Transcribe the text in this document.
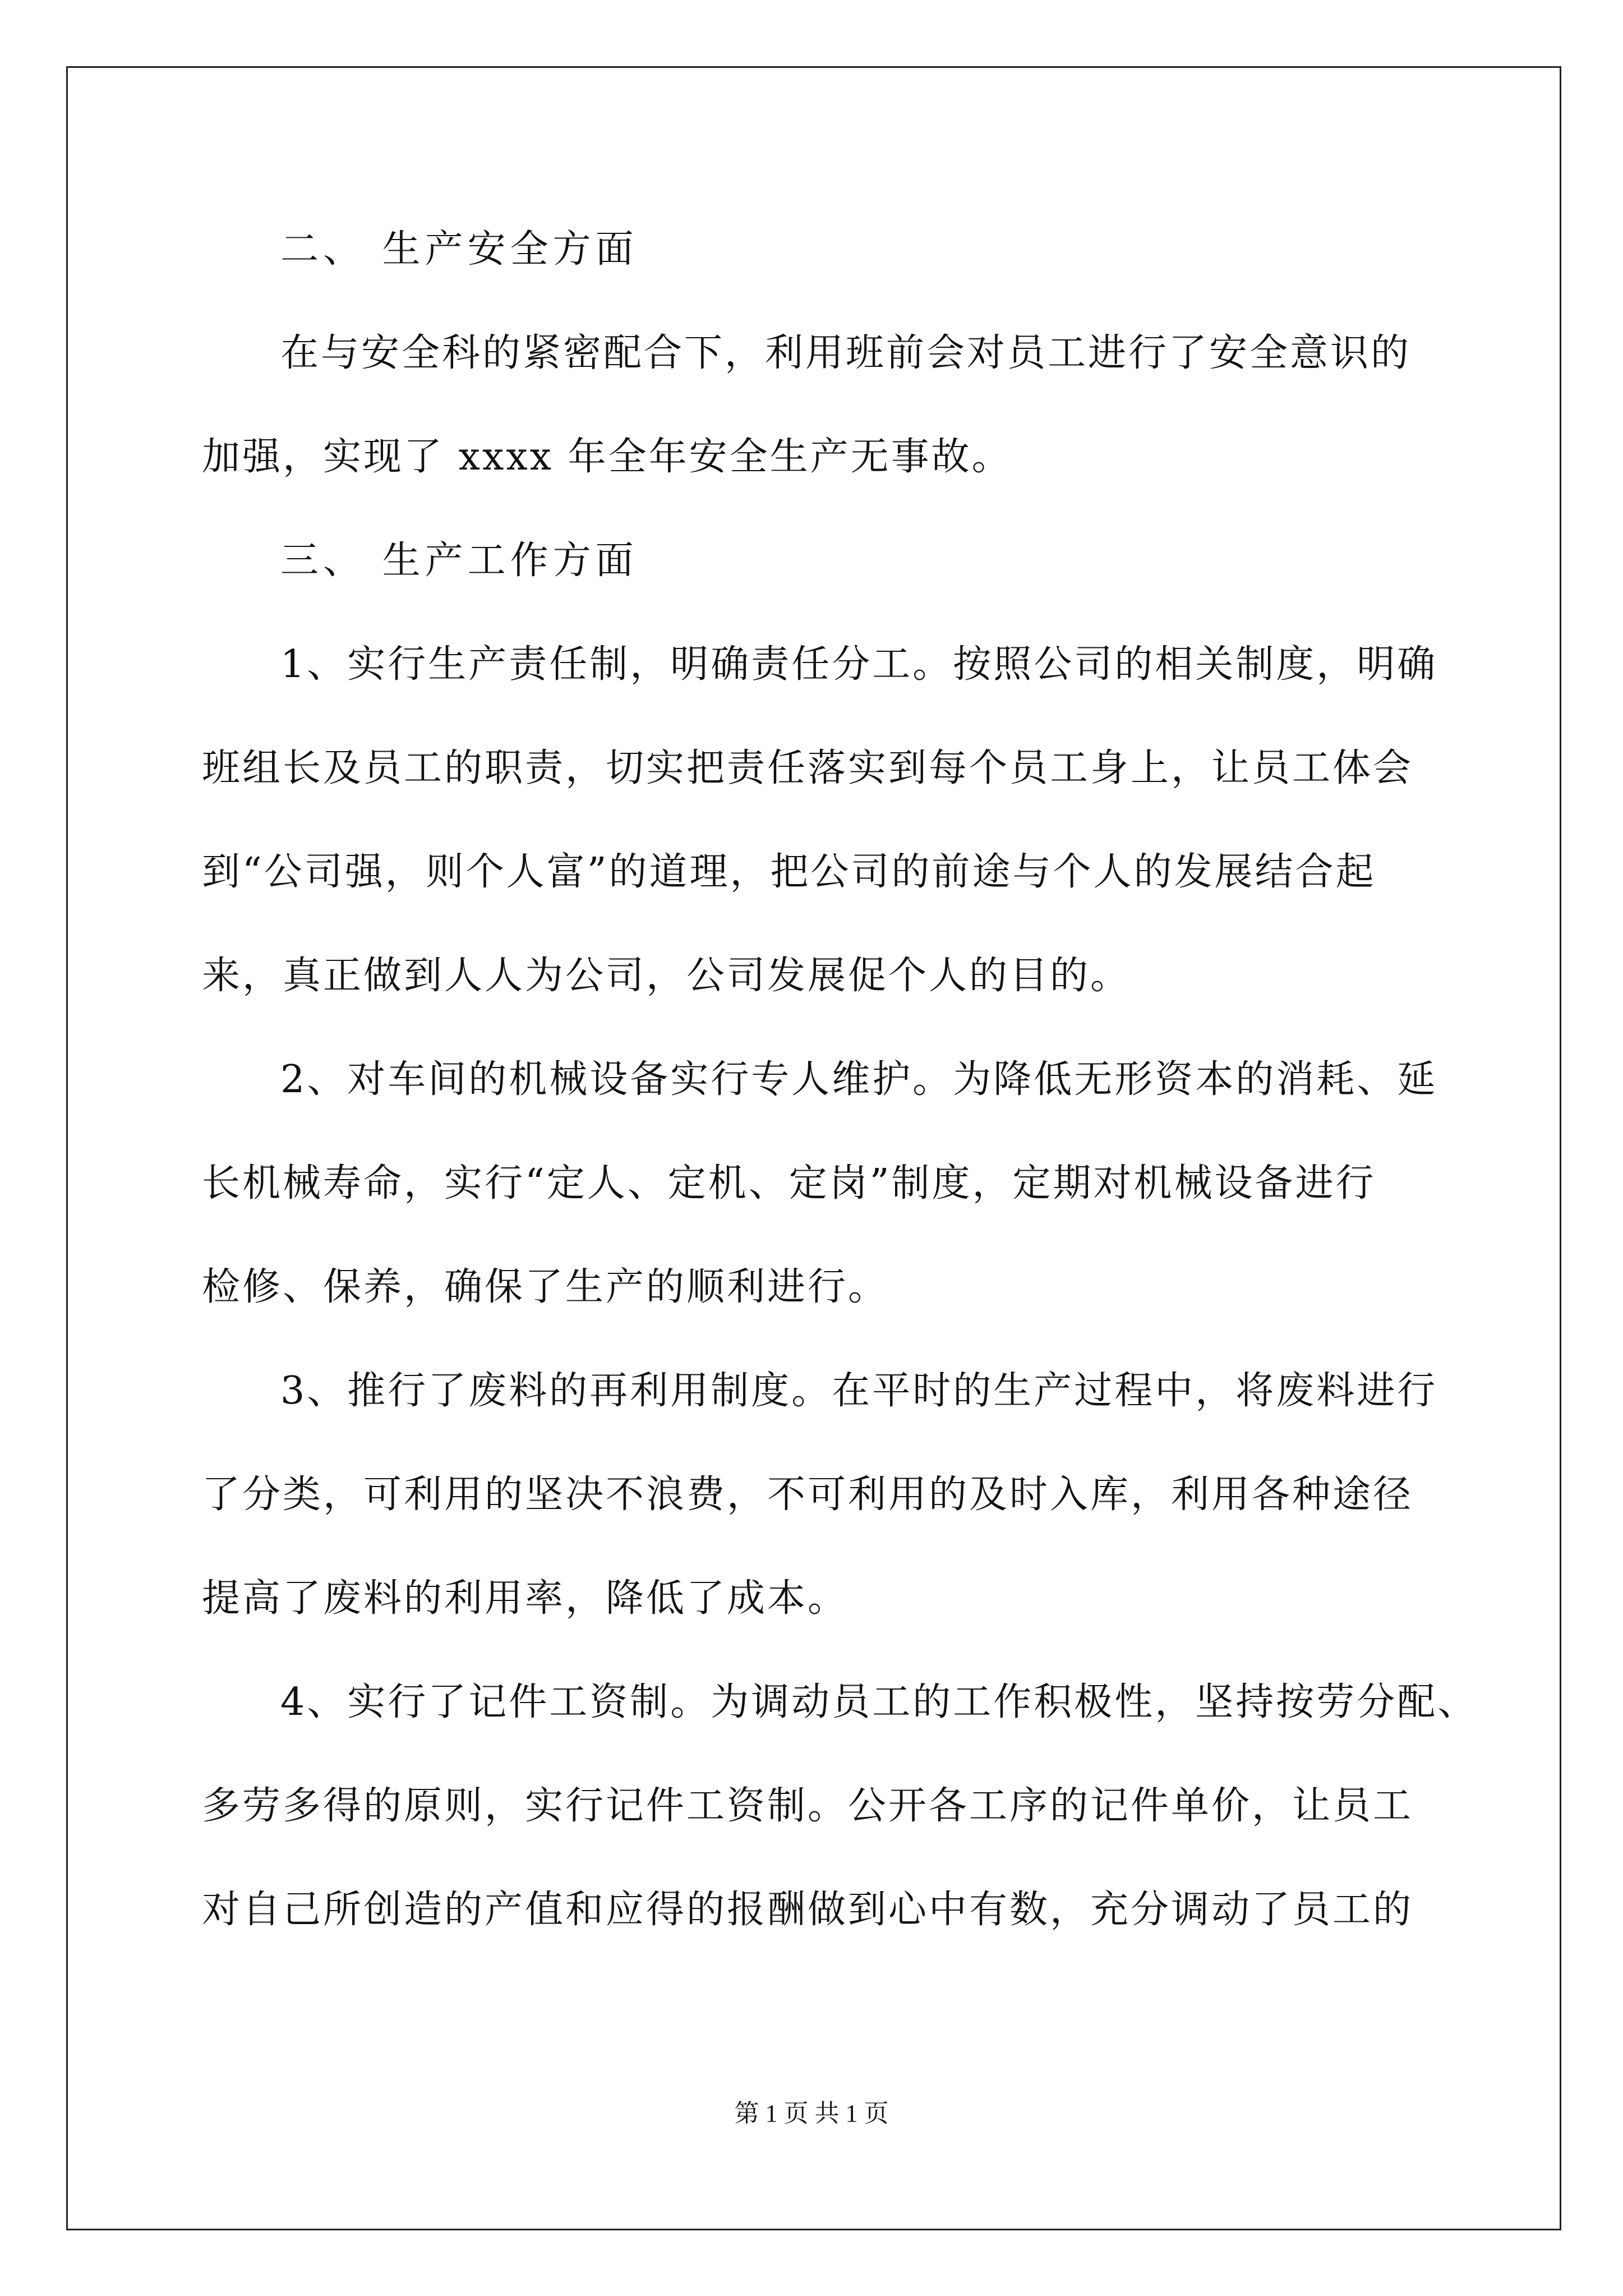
二、 生产安全方面
在与安全科的紧密配合下，利用班前会对员工进行了安全意识的
加强，实现了 xxxx 年全年安全生产无事故。
三、 生产工作方面
1、实行生产责任制，明确责任分工。按照公司的相关制度，明确
班组长及员工的职责，切实把责任落实到每个员工身上，让员工体会
到“公司强，则个人富”的道理，把公司的前途与个人的发展结合起
来，真正做到人人为公司，公司发展促个人的目的。
2、对车间的机械设备实行专人维护。为降低无形资本的消耗、延
长机械寿命，实行“定人、定机、定岗”制度，定期对机械设备进行
检修、保养，确保了生产的顺利进行。
3、推行了废料的再利用制度。在平时的生产过程中，将废料进行
了分类，可利用的坚决不浪费，不可利用的及时入库，利用各种途径
提高了废料的利用率，降低了成本。
4、实行了记件工资制。为调动员工的工作积极性，坚持按劳分配、
多劳多得的原则，实行记件工资制。公开各工序的记件单价，让员工
对自己所创造的产值和应得的报酬做到心中有数，充分调动了员工的
第 1 页 共 1 页
